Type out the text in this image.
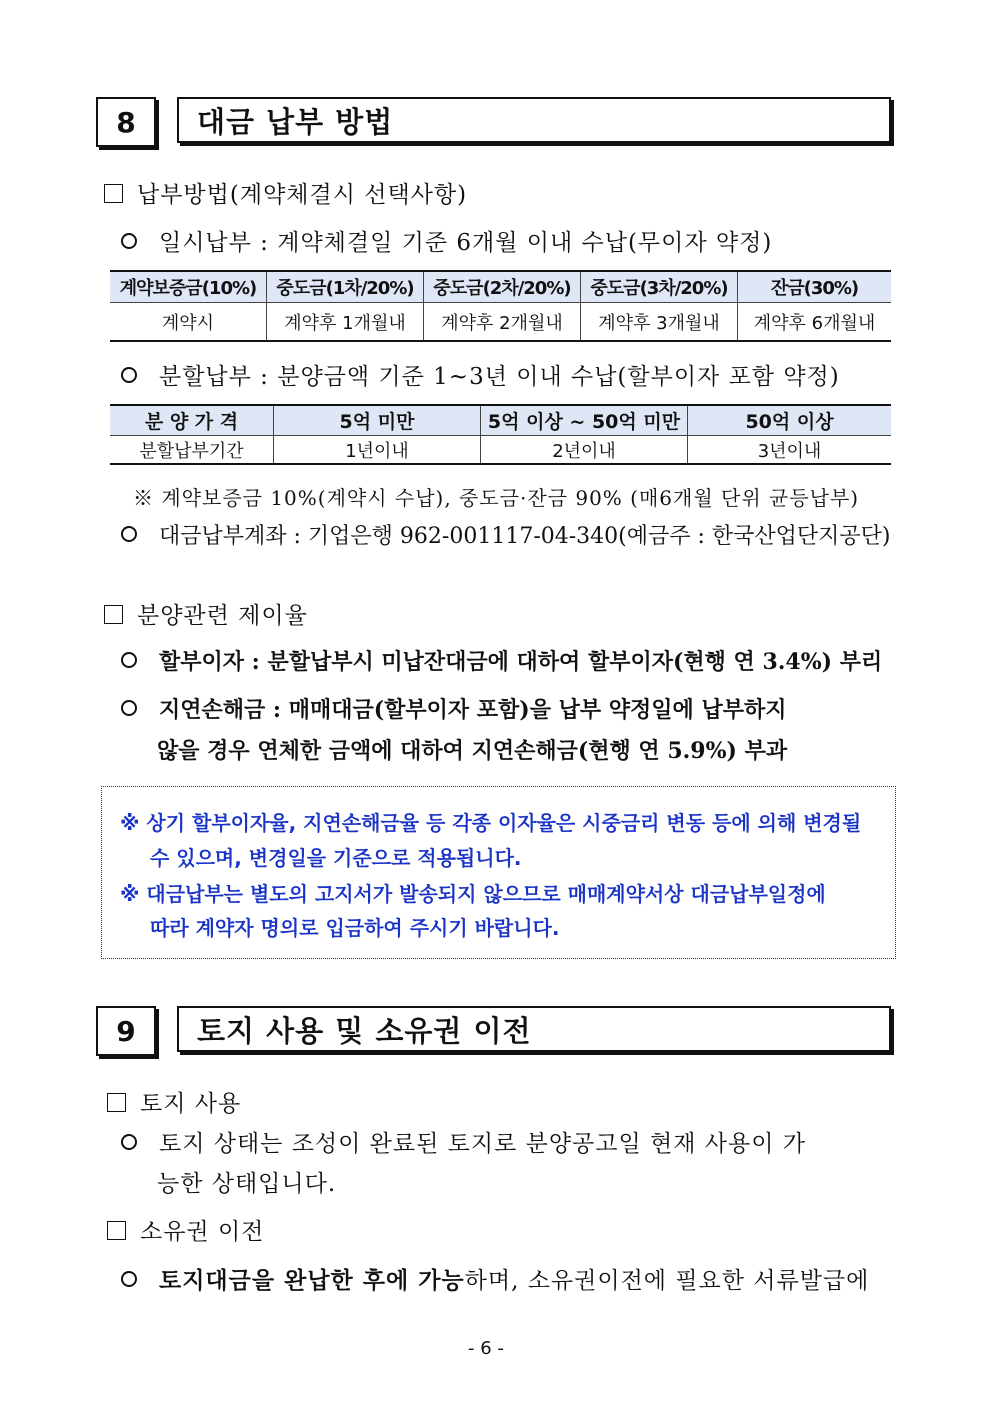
8	대금 납부 방법
납부방법(계약체결시 선택사항)
일시납부 : 계약체결일 기준 6개월 이내 수납(무이자 약정)
계약보증금(10%)	중도금(1차/20%)	중도금(2차/20%)	중도금(3차/20%)	잔금(30%)
계약시	계약후 1개월내	계약후 2개월내	계약후 3개월내	계약후 6개월내
분할납부 : 분양금액 기준 1~3년 이내 수납(할부이자 포함 약정)
분 양 가 격	5억 미만	5억 이상 ~ 50억 미만	50억 이상
분할납부기간	1년이내	2년이내	3년이내
※ 계약보증금 10%(계약시 수납), 중도금·잔금 90% (매6개월 단위 균등납부)
대금납부계좌 : 기업은행 962-001117-04-340(예금주 : 한국산업단지공단)
분양관련 제이율
할부이자 : 분할납부시 미납잔대금에 대하여 할부이자(현행 연 3.4%) 부리
지연손해금 : 매매대금(할부이자 포함)을 납부 약정일에 납부하지
않을 경우 연체한 금액에 대하여 지연손해금(현행 연 5.9%) 부과
※ 상기 할부이자율, 지연손해금율 등 각종 이자율은 시중금리 변동 등에 의해 변경될
수 있으며, 변경일을 기준으로 적용됩니다.
※ 대금납부는 별도의 고지서가 발송되지 않으므로 매매계약서상 대금납부일정에
따라 계약자 명의로 입금하여 주시기 바랍니다.
9	토지 사용 및 소유권 이전
토지 사용
토지 상태는 조성이 완료된 토지로 분양공고일 현재 사용이 가
능한 상태입니다.
소유권 이전
토지대금을 완납한 후에 가능하며, 소유권이전에 필요한 서류발급에
- 6 -
